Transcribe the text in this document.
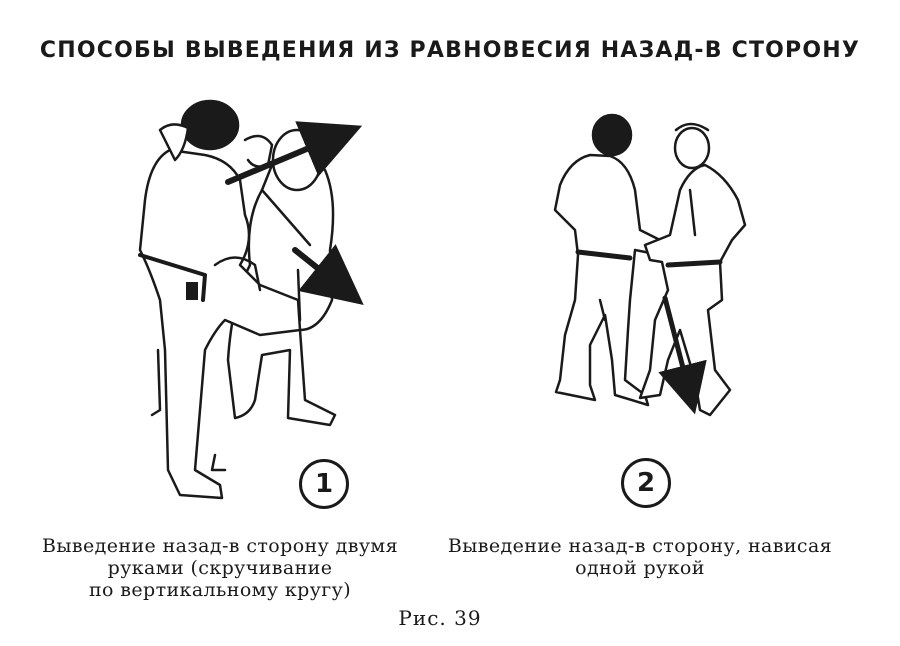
СПОСОБЫ ВЫВЕДЕНИЯ ИЗ РАВНОВЕСИЯ НАЗАД-В СТОРОНУ
1	2
Выведение назад-в сторону двумя
руками (скручивание
по вертикальному кругу)
Выведение назад-в сторону, нависая
одной рукой
Рис. 39
